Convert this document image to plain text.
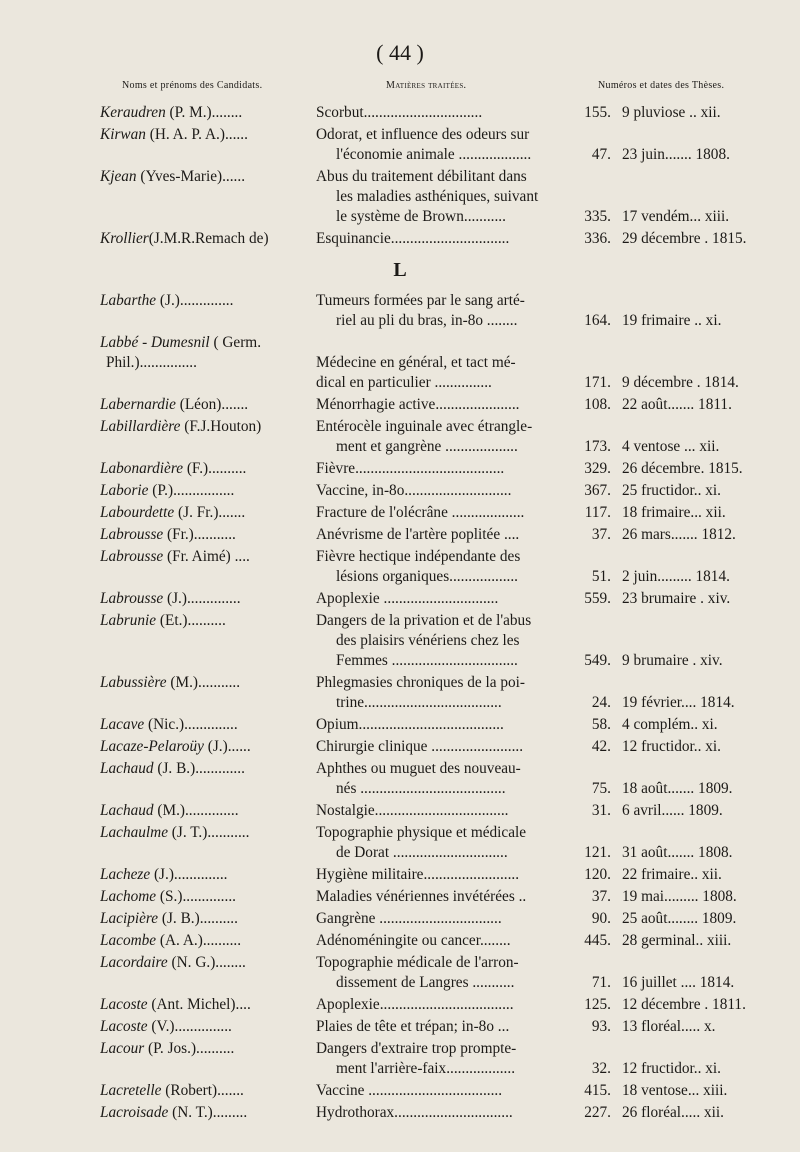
( 44 )
Noms et prénoms des Candidats.	Matières traitées.	Numéros et dates des Thèses.
Keraudren (P. M.)........	Scorbut...............................	155. 9 pluviose .. xii.
Kirwan (H. A. P. A.)......	Odorat, et influence des odeurs sur
l'économie animale ...................	47. 23 juin....... 1808.
Kjean (Yves-Marie)......	Abus du traitement débilitant dans
les maladies asthéniques, suivant
le système de Brown...........	335. 17 vendém... xiii.
Krollier(J.M.R.Remach de)	Esquinancie...............................	336. 29 décembre . 1815.
L
Labarthe (J.)..............	Tumeurs formées par le sang arté-
riel au pli du bras, in-8o ........	164. 19 frimaire .. xi.
Labbé - Dumesnil ( Germ.
Phil.)...............
	Médecine en général, et tact mé-
dical en particulier ...............	171. 9 décembre . 1814.
Labernardie (Léon).......	Ménorrhagie active......................	108. 22 août....... 1811.
Labillardière (F.J.Houton)	Entérocèle inguinale avec étrangle-
ment et gangrène ...................	173. 4 ventose ... xii.
Labonardière (F.)..........	Fièvre.......................................	329. 26 décembre. 1815.
Laborie (P.)................	Vaccine, in-8o............................	367. 25 fructidor.. xi.
Labourdette (J. Fr.).......	Fracture de l'olécrâne ...................	117. 18 frimaire... xii.
Labrousse (Fr.)...........	Anévrisme de l'artère poplitée ....	37. 26 mars....... 1812.
Labrousse (Fr. Aimé) ....	Fièvre hectique indépendante des
lésions organiques..................	51. 2 juin......... 1814.
Labrousse (J.)..............	Apoplexie ..............................	559. 23 brumaire . xiv.
Labrunie (Et.)..........	Dangers de la privation et de l'abus
des plaisirs vénériens chez les
Femmes .................................	549. 9 brumaire . xiv.
Labussière (M.)...........	Phlegmasies chroniques de la poi-
trine....................................	24. 19 février.... 1814.
Lacave (Nic.)..............	Opium......................................	58. 4 complém.. xi.
Lacaze-Pelaroüy (J.)......	Chirurgie clinique ........................	42. 12 fructidor.. xi.
Lachaud (J. B.).............	Aphthes ou muguet des nouveau-
nés ......................................	75. 18 août....... 1809.
Lachaud (M.)..............	Nostalgie...................................	31. 6 avril...... 1809.
Lachaulme (J. T.)...........	Topographie physique et médicale
de Dorat ..............................	121. 31 août....... 1808.
Lacheze (J.)..............	Hygiène militaire.........................	120. 22 frimaire.. xii.
Lachome (S.)..............	Maladies vénériennes invétérées ..	37. 19 mai......... 1808.
Lacipière (J. B.)..........	Gangrène ................................	90. 25 août........ 1809.
Lacombe (A. A.)..........	Adénoméningite ou cancer........	445. 28 germinal.. xiii.
Lacordaire (N. G.)........	Topographie médicale de l'arron-
dissement de Langres ...........	71. 16 juillet .... 1814.
Lacoste (Ant. Michel)....	Apoplexie...................................	125. 12 décembre . 1811.
Lacoste (V.)...............	Plaies de tête et trépan; in-8o ...	93. 13 floréal..... x.
Lacour (P. Jos.)..........	Dangers d'extraire trop prompte-
ment l'arrière-faix..................	32. 12 fructidor.. xi.
Lacretelle (Robert).......	Vaccine ...................................	415. 18 ventose... xiii.
Lacroisade (N. T.).........	Hydrothorax...............................	227. 26 floréal..... xii.
